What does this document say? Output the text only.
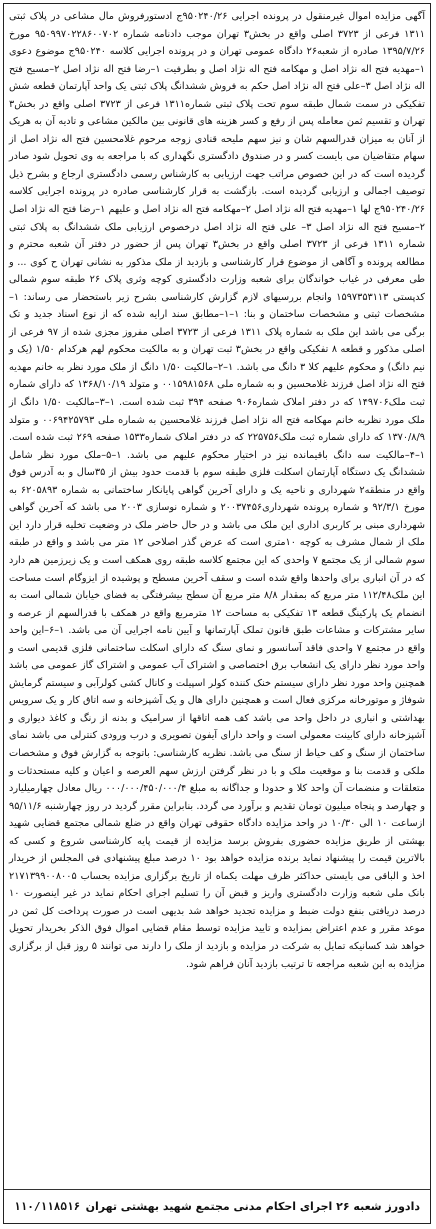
آگهی مزایده اموال غیرمنقول در پرونده اجرایی ۹۵۰۲۴۰/۲۶ج ادستورفروش مال مشاعی در پلاک ثبتی ۱۳۱۱ فرعی از ۳۷۲۳ اصلی واقع در بخش۳ تهران موجب دادنامه شماره ۹۵۰۹۹۷۰۲۲۸۶۰۰۷۰۲ مورخ ۱۳۹۵/۷/۲۶ صادره از شعبه۲۶ دادگاه عمومی تهران و در پرونده اجرایی کلاسه ۹۵۰۲۴۰ج موضوع دعوی ۱–مهدیه فتح اله نژاد اصل و مهکامه فتح اله نژاد اصل و بطرفیت ۱–رضا فتح اله نژاد اصل ۲–مسیح فتح اله نژاد اصل ۳–علی فتح اله نژاد اصل حکم به فروش ششدانگ پلاک ثبتی یک واحد آپارتمان قطعه شش تفکیکی در سمت شمال طبقه سوم تحت پلاک ثبتی شماره۱۳۱۱ فرعی از ۳۷۲۳ اصلی واقع در بخش۳ تهران و تقسیم ثمن معامله پس از رفع و کسر هزینه های قانونی بین مالکین مشاعی و تادیه آن به هریک از آنان به میزان قدرالسهم شان و نیز سهم ملیحه قنادی زوجه مرحوم غلامحسین فتح اله نژاد اصل از سهام متقاضیان می بایست کسر و در صندوق دادگستری نگهداری که با مراجعه به وی تحویل شود صادر گردیده است که در این خصوص مراتب جهت ارزیابی به کارشناس رسمی دادگستری ارجاع و بشرح ذیل توصیف اجمالی و ارزیابی گردیده است. بازگشت به قرار کارشناسی صادره در پرونده اجرایی کلاسه ۹۵۰۲۴۰/۲۶ج لها ۱–مهدیه فتح اله نژاد اصل ۲–مهکامه فتح اله نژاد اصل و علیهم ۱–رضا فتح اله نژاد اصل ۲–مسیح فتح اله نژاد اصل ۳– علی فتح اله نژاد اصل درخصوص ارزیابی ملک ششدانگ به پلاک ثبتی شماره ۱۳۱۱ فرعی از ۳۷۲۳ اصلی واقع در بخش۳ تهران پس از حضور در دفتر آن شعبه محترم و مطالعه پرونده و آگاهی از موضوع قرار کارشناسی و بازدید از ملک مذکور به نشانی تهران ح کوی ... و طی معرفی در غیاب خواندگان برای شعبه وزارت دادگستری کوچه وثری پلاک ۲۶ طبقه سوم شمالی کدپستی ۱۵۹۷۳۵۳۱۱۳ وانجام بررسیهای لازم گزارش کارشناسی بشرح زیر باستحضار می رساند: ۱–مشخصات ثبتی و مشخصات ساختمان و بنا: ۱–۱–مطابق سند ارایه شده که از نوع اسناد جدید و تک برگی می باشد این ملک به شماره پلاک ۱۳۱۱ فرعی از ۳۷۲۳ اصلی مفروز مجزی شده از ۹۷ فرعی از اصلی مذکور و قطعه ۸ تفکیکی واقع در بخش۳ ثبت تهران و به مالکیت محکوم لهم هرکدام ۱/۵۰ (یک و نیم دانگ) و محکوم علیهم کلا ۳ دانگ می باشد. ۱–۲–مالکیت ۱/۵۰ دانگ از ملک مورد نظر به خانم مهدیه فتح اله نژاد اصل فرزند غلامحسین و به شماره ملی ۰۰۱۵۹۸۱۵۶۸ و متولد ۱۳۶۸/۱۰/۱۹ که دارای شماره ثبت ملک۱۴۹۷۰۶ که در دفتر املاک شماره۹۰۶ صفحه ۳۹۴ ثبت شده است. ۱–۳–مالکیت ۱/۵۰ دانگ از ملک مورد نظربه خانم مهکامه فتح اله نژاد اصل فرزند غلامحسین به شماره ملی ۰۰۶۹۴۲۵۷۹۳ و متولد ۱۳۷۰/۸/۹ که دارای شماره ثبت ملک۲۲۵۷۵۶ که در دفتر املاک شماره۱۵۳۳ صفحه ۲۶۹ ثبت شده است. ۱–۴–مالکیت سه دانگ باقیمانده نیز در اختیار محکوم علیهم می باشد. ۱–۵–ملک مورد نظر شامل ششدانگ یک دستگاه آپارتمان اسکلت فلزی طبقه سوم با قدمت حدود بیش از ۳۵سال و به آدرس فوق واقع در منطقه۲ شهرداری و ناحیه یک و دارای آخرین گواهی پایانکار ساختمانی به شماره ۶۲۰۵۸۹۳ به مورخ ۹۲/۳/۱ و شماره پرونده شهرداری۲۰۰۳۷۴۵۶ و شماره نوسازی ۲۰۰۳ می باشد که آخرین گواهی شهرداری مبنی بر کاربری اداری این ملک می باشد و در حال حاضر ملک در وضعیت تخلیه قرار دارد این ملک از شمال مشرف به کوچه ۱۰متری است که عرض گذر اصلاحی ۱۲ متر می باشد و واقع در طبقه سوم شمالی از یک مجتمع ۷ واحدی که این مجتمع کلاسه طبقه روی همکف است و یک زیرزمین هم دارد که در آن انباری برای واحدها واقع شده است و سقف آخرین مسطح و پوشیده از ایزوگام است مساحت این ملک۱۱۲/۴۸ متر مربع که بمقدار ۸/۸ متر مربع آن سطح بیشرفتگی به فضای خیابان شمالی است به انضمام یک پارکینگ قطعه ۱۳ تفکیکی به مساحت ۱۲ مترمربع واقع در همکف با قدرالسهم از عرصه و سایر مشترکات و مشاعات طبق قانون تملک آپارتمانها و آیین نامه اجرایی آن می باشد. ۱–۶–این واحد واقع در مجتمع ۷ واحدی فاقد آسانسور و نمای سنگ که دارای اسکلت ساختمانی فلزی قدیمی است و واحد مورد نظر دارای یک انشعاب برق اختصاصی و اشتراک آب عمومی و اشتراک گاز عمومی می باشد همچنین واحد مورد نظر دارای سیستم خنک کننده کولر اسپیلت و کانال کشی کولرآبی و سیستم گرمایش شوفاژ و موتورخانه مرکزی فعال است و همچنین دارای هال و یک آشپزخانه و سه اتاق کار و یک سرویس بهداشتی و انباری در داخل واحد می باشد کف همه اتاقها از سرامیک و بدنه از رنگ و کاغذ دیواری و آشپزخانه دارای کابینت معمولی است و واحد دارای آیفون تصویری و درب ورودی کنترلی می باشد نمای ساختمان از سنگ و کف حیاط از سنگ می باشد. نظریه کارشناسی: باتوجه به گزارش فوق و مشخصات ملکی و قدمت بنا و موقعیت ملک و با در نظر گرفتن ارزش سهم العرصه و اعیان و کلیه مستحدثات و متعلقات و منضمات آن واحد کلا و حدودا و جداگانه به مبلغ ۰۰۰/۰۰۰/۴۵۰/۰۰۰/۴ ریال معادل چهارمیلیارد و چهارصد و پنجاه میلیون تومان تقدیم و برآورد می گردد. بنابراین مقرر گردید در روز چهارشنبه ۹۵/۱۱/۶ ازساعت ۱۰ الی ۱۰/۳۰ در واحد مزایده دادگاه حقوقی تهران واقع در ضلع شمالی مجتمع قضایی شهید بهشتی از طریق مزایده حضوری بفروش برسد مزایده از قیمت پایه کارشناسی شروع و کسی که بالاترین قیمت را پیشنهاد نماید برنده مزایده خواهد بود ۱۰ درصد مبلغ پیشنهادی فی المجلس از خریدار اخذ و الباقی می بایستی حداکثر ظرف مهلت یکماه از تاریخ برگزاری مزایده بحساب ۲۱۷۱۳۹۹۰۰۸۰۰۵ بانک ملی شعبه وزارت دادگستری واریز و قبض آن را تسلیم اجرای احکام نماید در غیر اینصورت ۱۰ درصد دریافتی بنفع دولت ضبط و مزایده تجدید خواهد شد بدیهی است در صورت پرداخت کل ثمن در موعد مقرر و عدم اعتراض بمزایده و تایید مزایده توسط مقام قضایی اموال فوق الذکر بخریدار تحویل خواهد شد کسانیکه تمایل به شرکت در مزایده و بازدید از ملک را دارند می توانند ۵ روز قبل از برگزاری مزایده به این شعبه مراجعه تا ترتیب بازدید آنان فراهم شود.
دادورز شعبه ۲۶ اجرای احکام مدنی مجتمع شهید بهشتی تهران
۱۱۰/۱۱۸۵۱۶
